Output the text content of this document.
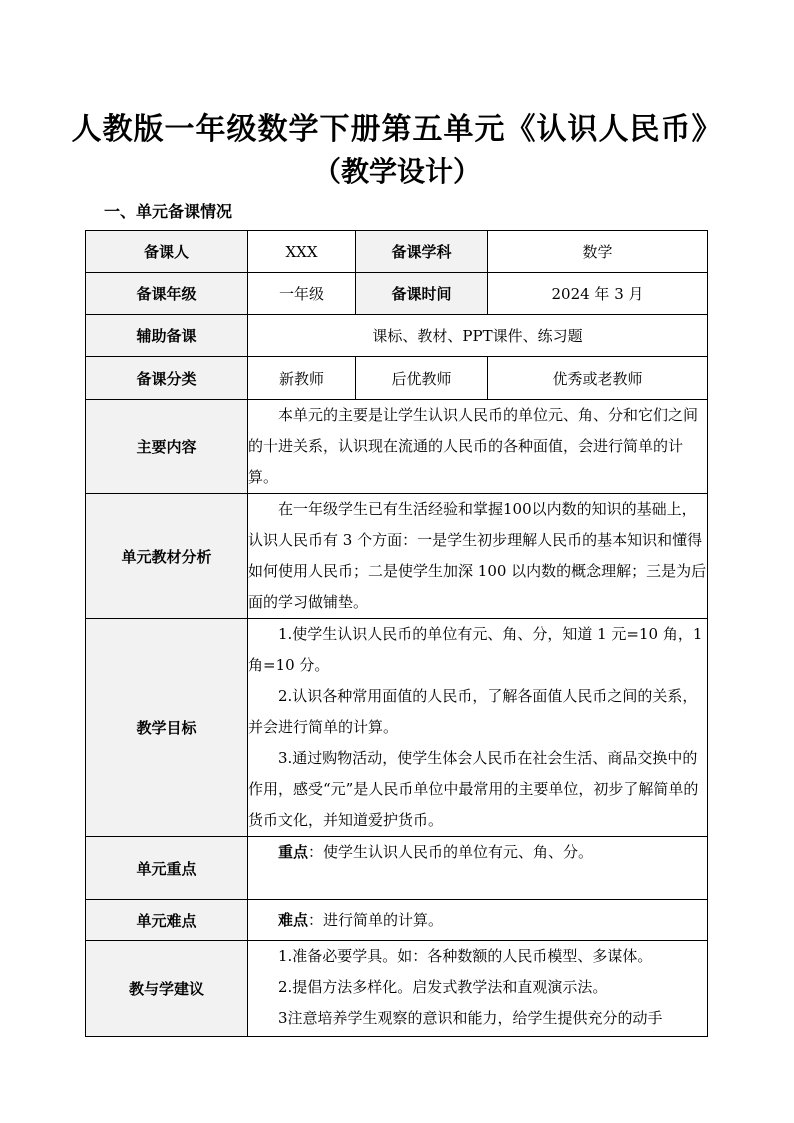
人教版一年级数学下册第五单元《认识人民币》
（教学设计）
一、单元备课情况
备课人	XXX	备课学科	数学
备课年级	一年级	备课时间	2024 年 3 月
辅助备课	课标、教材、PPT课件、练习题		
备课分类	新教师	后优教师	优秀或老教师
主要内容	本单元的主要是让学生认识人民币的单位元、角、分和它们之间的十进关系，认识现在流通的人民币的各种面值，会进行简单的计算。		

单元教材分析	在一年级学生已有生活经验和掌握100以内数的知识的基础上，认识人民币有 3 个方面：一是学生初步理解人民币的基本知识和懂得如何使用人民币；二是使学生加深 100 以内数的概念理解；三是为后面的学习做铺垫。		

教学目标	1.使学生认识人民币的单位有元、角、分，知道 1 元=10 角，1 角=10 分。

2.认识各种常用面值的人民币，了解各面值人民币之间的关系，并会进行简单的计算。

3.通过购物活动，使学生体会人民币在社会生活、商品交换中的作用，感受“元”是人民币单位中最常用的主要单位，初步了解简单的货币文化，并知道爱护货币。		

单元重点	重点：使学生认识人民币的单位有元、角、分。		

单元难点	难点：进行简单的计算。		

教与学建议	1.准备必要学具。如：各种数额的人民币模型、多谋体。

2.提倡方法多样化。启发式教学法和直观演示法。

3注意培养学生观察的意识和能力，给学生提供充分的动手		
